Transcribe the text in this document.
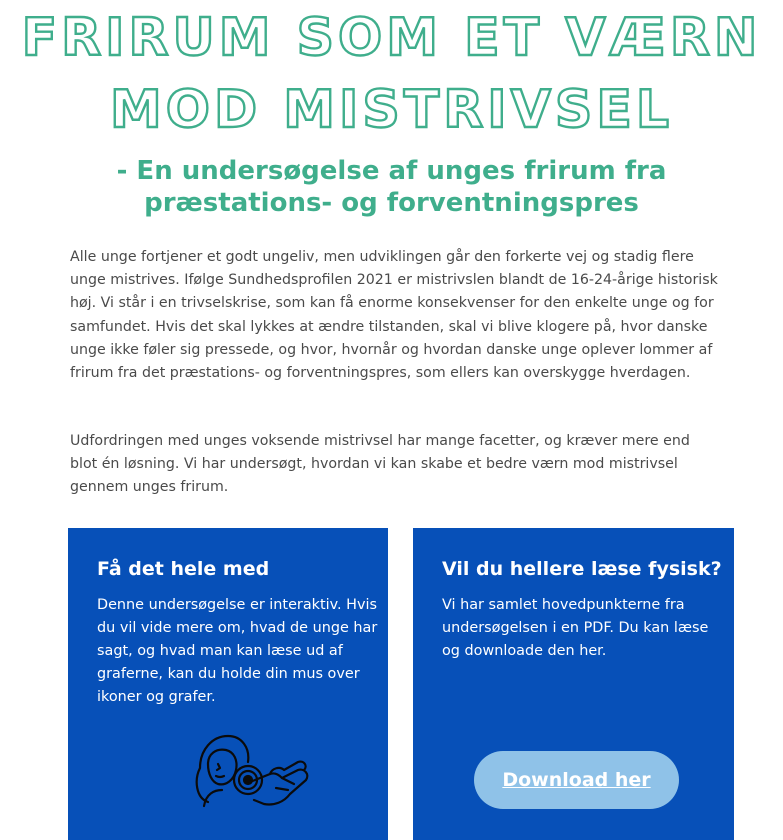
FRIRUM SOM ET VÆRN
MOD MISTRIVSEL
- En undersøgelse af unges frirum fra
præstations- og forventningspres

Alle unge fortjener et godt ungeliv, men udviklingen går den forkerte vej og stadig flere unge mistrives. Ifølge Sundhedsprofilen 2021 er mistrivslen blandt de 16-24-årige historisk høj. Vi står i en trivselskrise, som kan få enorme konsekvenser for den enkelte unge og for samfundet. Hvis det skal lykkes at ændre tilstanden, skal vi blive klogere på, hvor danske unge ikke føler sig pressede, og hvor, hvornår og hvordan danske unge oplever lommer af frirum fra det præstations- og forventningspres, som ellers kan overskygge hverdagen.

Udfordringen med unges voksende mistrivsel har mange facetter, og kræver mere end blot én løsning. Vi har undersøgt, hvordan vi kan skabe et bedre værn mod mistrivsel gennem unges frirum.

Få det hele med

Denne undersøgelse er interaktiv. Hvis du vil vide mere om, hvad de unge har sagt, og hvad man kan læse ud af graferne, kan du holde din mus over ikoner og grafer.

Vil du hellere læse fysisk?

Vi har samlet hovedpunkterne fra undersøgelsen i en PDF. Du kan læse og downloade den her.

Download her
